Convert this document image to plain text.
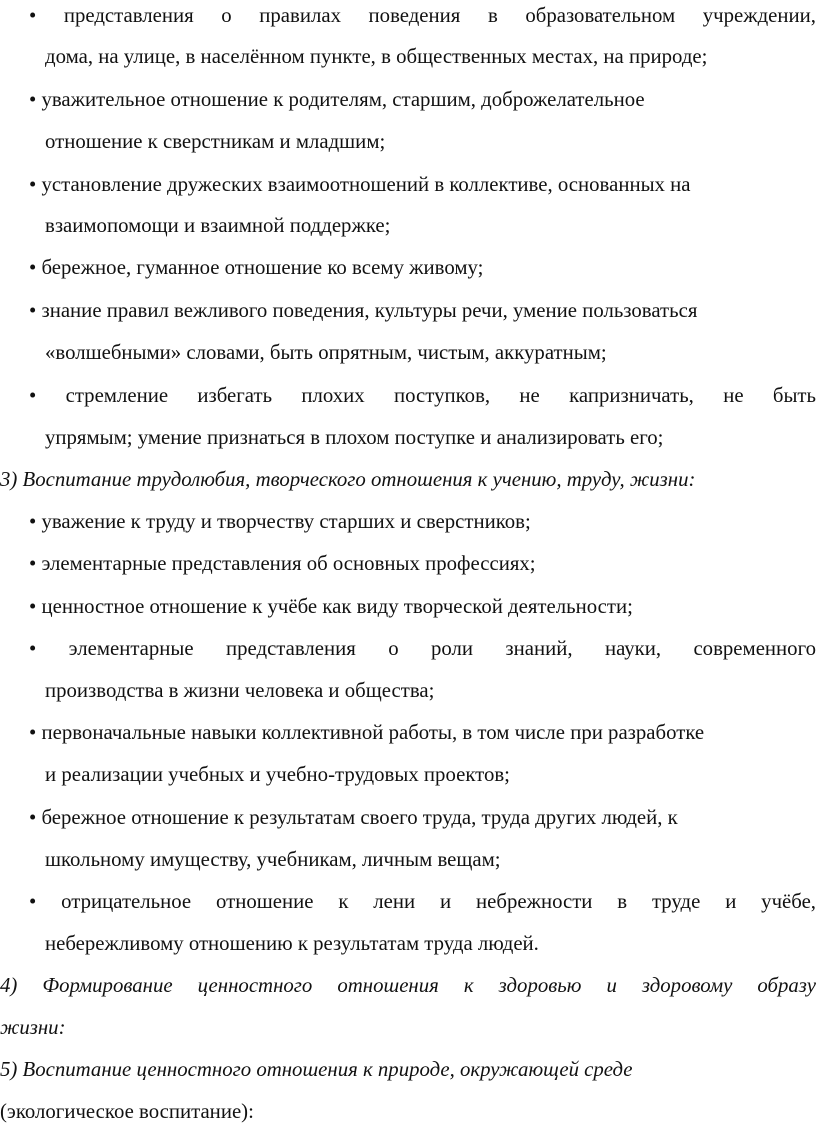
• представления о правилах поведения в образовательном учреждении,
дома, на улице, в населённом пункте, в общественных местах, на природе;
• уважительное отношение к родителям, старшим, доброжелательное
отношение к сверстникам и младшим;
• установление дружеских взаимоотношений в коллективе, основанных на
взаимопомощи и взаимной поддержке;
• бережное, гуманное отношение ко всему живому;
• знание правил вежливого поведения, культуры речи, умение пользоваться
«волшебными» словами, быть опрятным, чистым, аккуратным;
• стремление избегать плохих поступков, не капризничать, не быть
упрямым; умение признаться в плохом поступке и анализировать его;
3) Воспитание трудолюбия, творческого отношения к учению, труду, жизни:
• уважение к труду и творчеству старших и сверстников;
• элементарные представления об основных профессиях;
• ценностное отношение к учёбе как виду творческой деятельности;
• элементарные представления о роли знаний, науки, современного
производства в жизни человека и общества;
• первоначальные навыки коллективной работы, в том числе при разработке
и реализации учебных и учебно-трудовых проектов;
• бережное отношение к результатам своего труда, труда других людей, к
школьному имуществу, учебникам, личным вещам;
• отрицательное отношение к лени и небрежности в труде и учёбе,
небережливому отношению к результатам труда людей.
4) Формирование ценностного отношения к здоровью и здоровому образу
жизни:
5) Воспитание ценностного отношения к природе, окружающей среде
(экологическое воспитание):
